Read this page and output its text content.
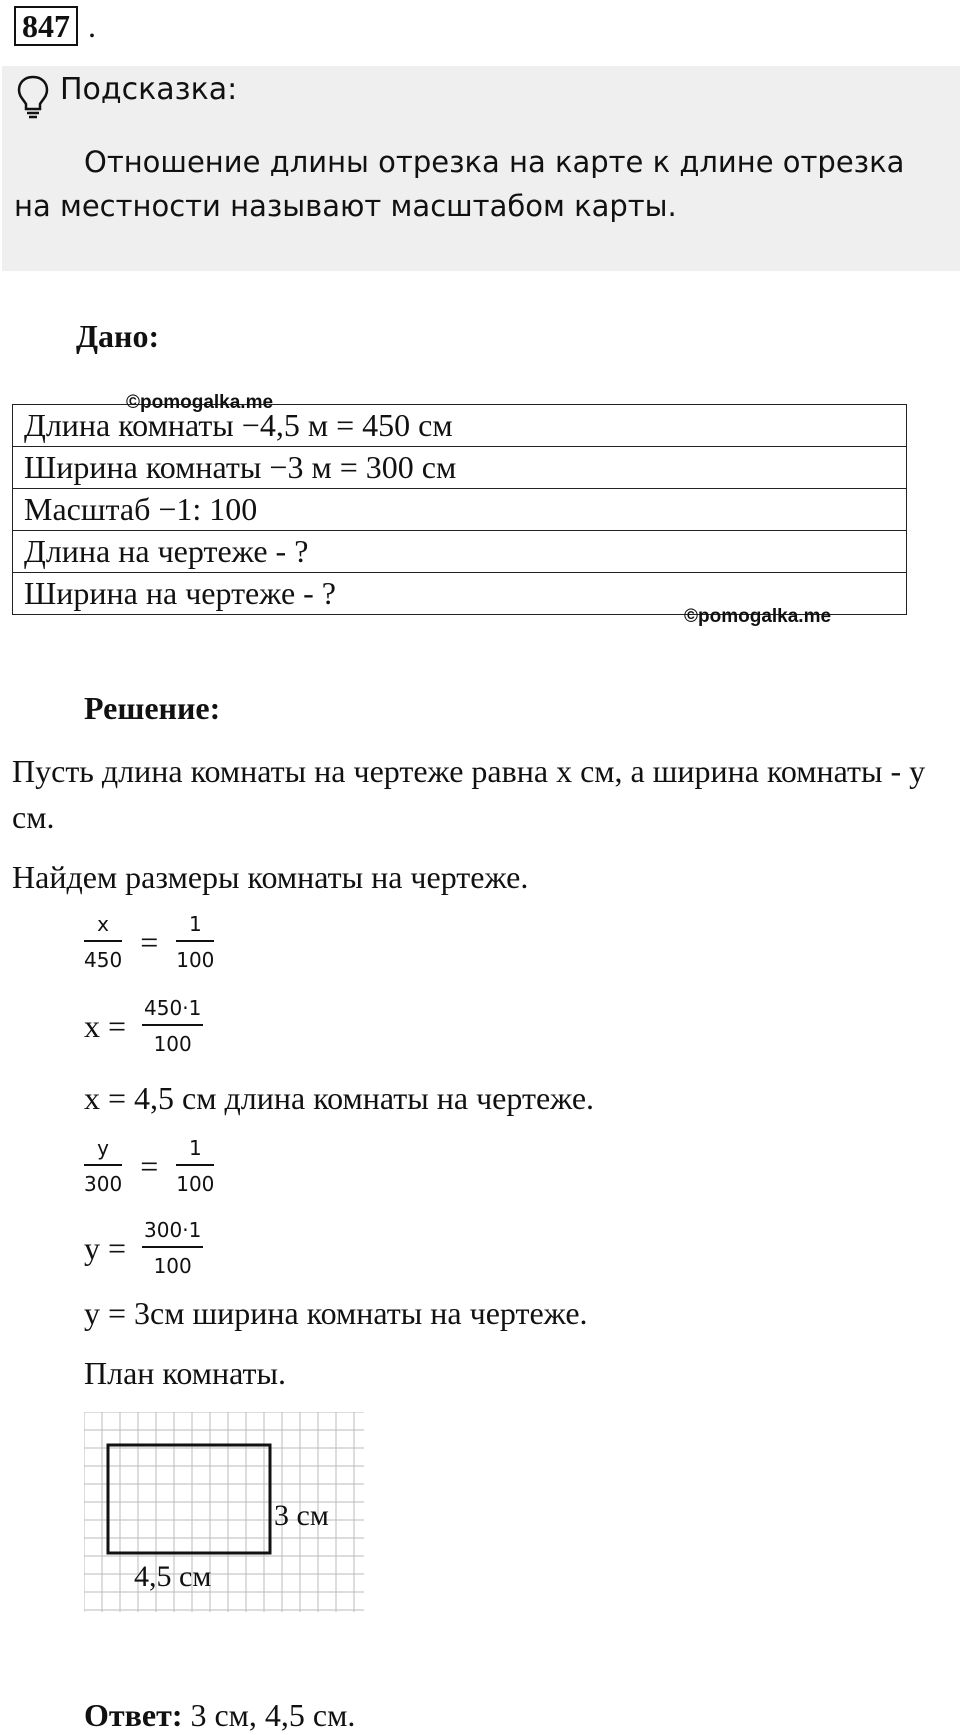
847 .
Подсказка:
Отношение длины отрезка на карте к длине отрезка на местности называют масштабом карты.
Дано:
Длина комнаты −4,5 м = 450 см
Ширина комнаты −3 м = 300 см
Масштаб −1: 100
Длина на чертеже - ?
Ширина на чертеже - ?
©pomogalka.me
©pomogalka.me
Решение:
Пусть длина комнаты на чертеже равна х см, а ширина комнаты - у см.
Найдем размеры комнаты на чертеже.
$\frac{x}{450} = \frac{1}{100}$
$x = \frac{450\cdot 1}{100}$
x = 4,5 см длина комнаты на чертеже.
$\frac{y}{300} = \frac{1}{100}$
$y = \frac{300\cdot 1}{100}$
y = 3см ширина комнаты на чертеже.
План комнаты.
3 см
4,5 см
Ответ: 3 см, 4,5 см.
